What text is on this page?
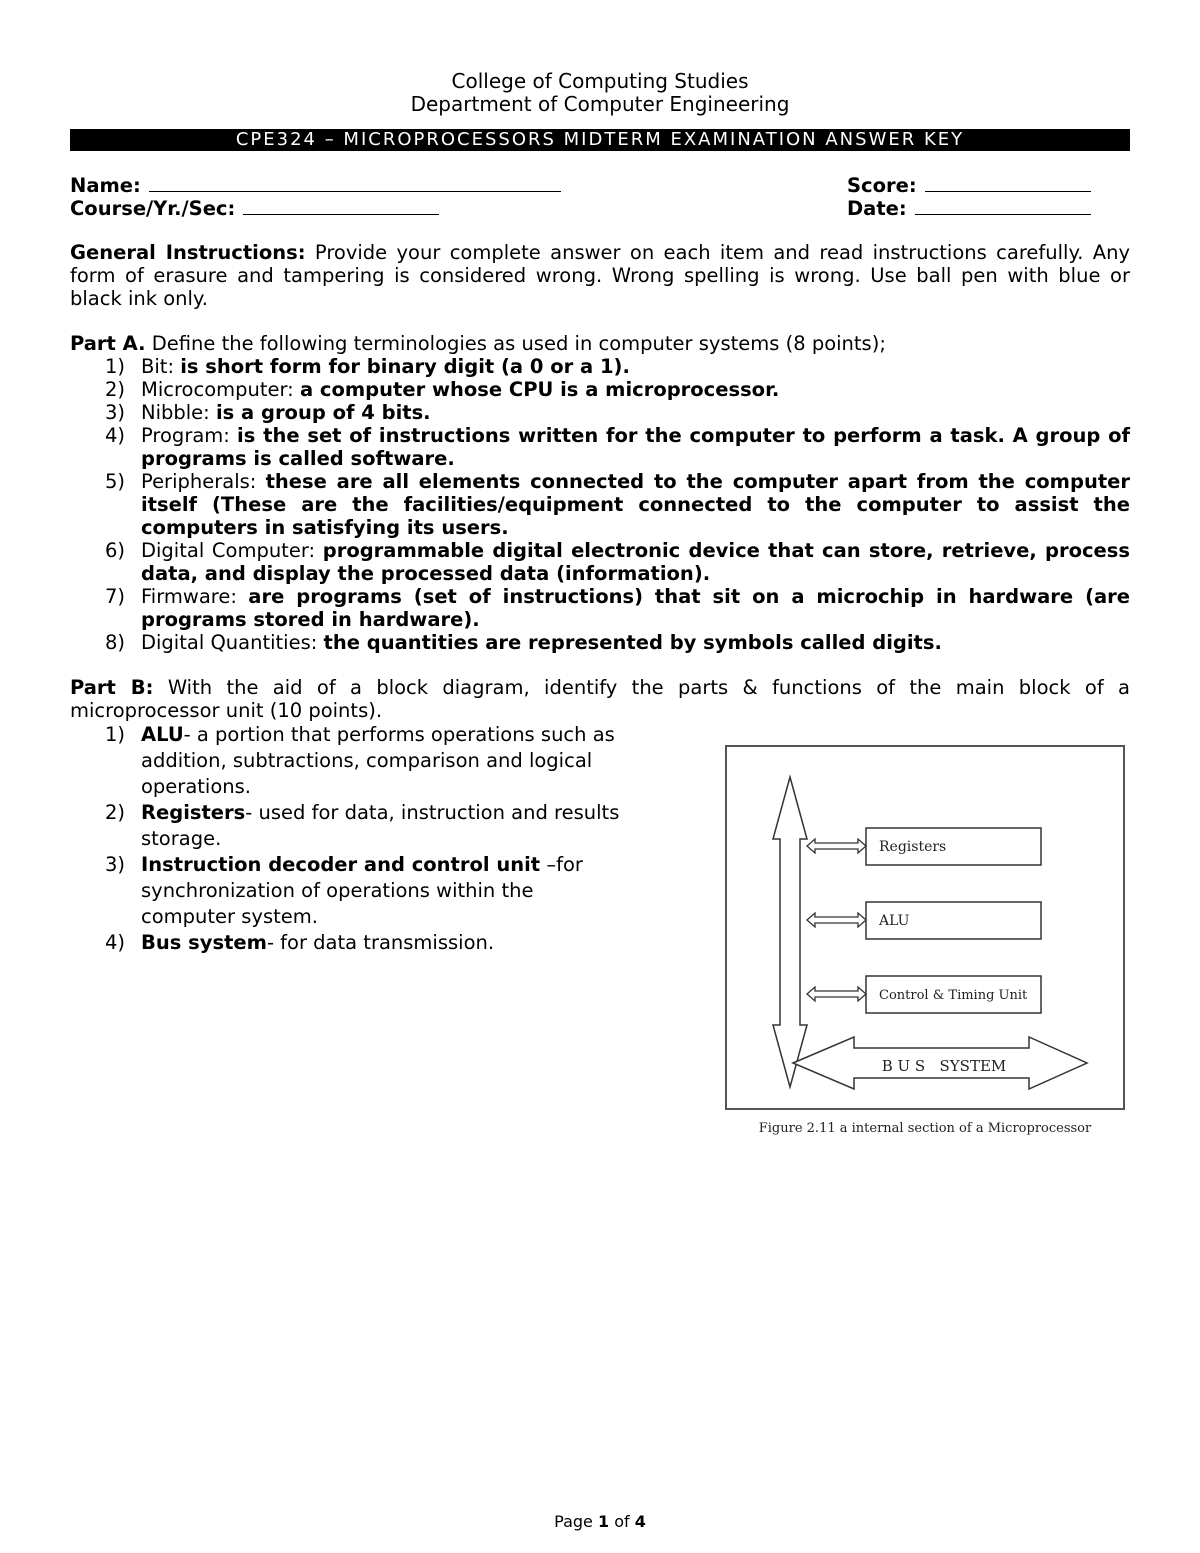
College of Computing Studies
Department of Computer Engineering
CPE324 – MICROPROCESSORS MIDTERM EXAMINATION ANSWER KEY
Name:
Course/Yr./Sec:
Score:
Date:
General Instructions: Provide your complete answer on each item and read instructions carefully. Any form of erasure and tampering is considered wrong. Wrong spelling is wrong. Use ball pen with blue or black ink only.
Part A. Define the following terminologies as used in computer systems (8 points);
1) Bit: is short form for binary digit (a 0 or a 1).
2) Microcomputer: a computer whose CPU is a microprocessor.
3) Nibble: is a group of 4 bits.
4) Program: is the set of instructions written for the computer to perform a task. A group of programs is called software.
5) Peripherals: these are all elements connected to the computer apart from the computer itself (These are the facilities/equipment connected to the computer to assist the computers in satisfying its users.
6) Digital Computer: programmable digital electronic device that can store, retrieve, process data, and display the processed data (information).
7) Firmware: are programs (set of instructions) that sit on a microchip in hardware (are programs stored in hardware).
8) Digital Quantities: the quantities are represented by symbols called digits.
Part B: With the aid of a block diagram, identify the parts & functions of the main block of a microprocessor unit (10 points).
1) ALU- a portion that performs operations such as addition, subtractions, comparison and logical operations.
2) Registers- used for data, instruction and results storage.
3) Instruction decoder and control unit –for synchronization of operations within the computer system.
4) Bus system- for data transmission.
B U S   SYSTEM
Registers
ALU
Control & Timing Unit
Figure 2.11 a internal section of a Microprocessor
Page 1 of 4
